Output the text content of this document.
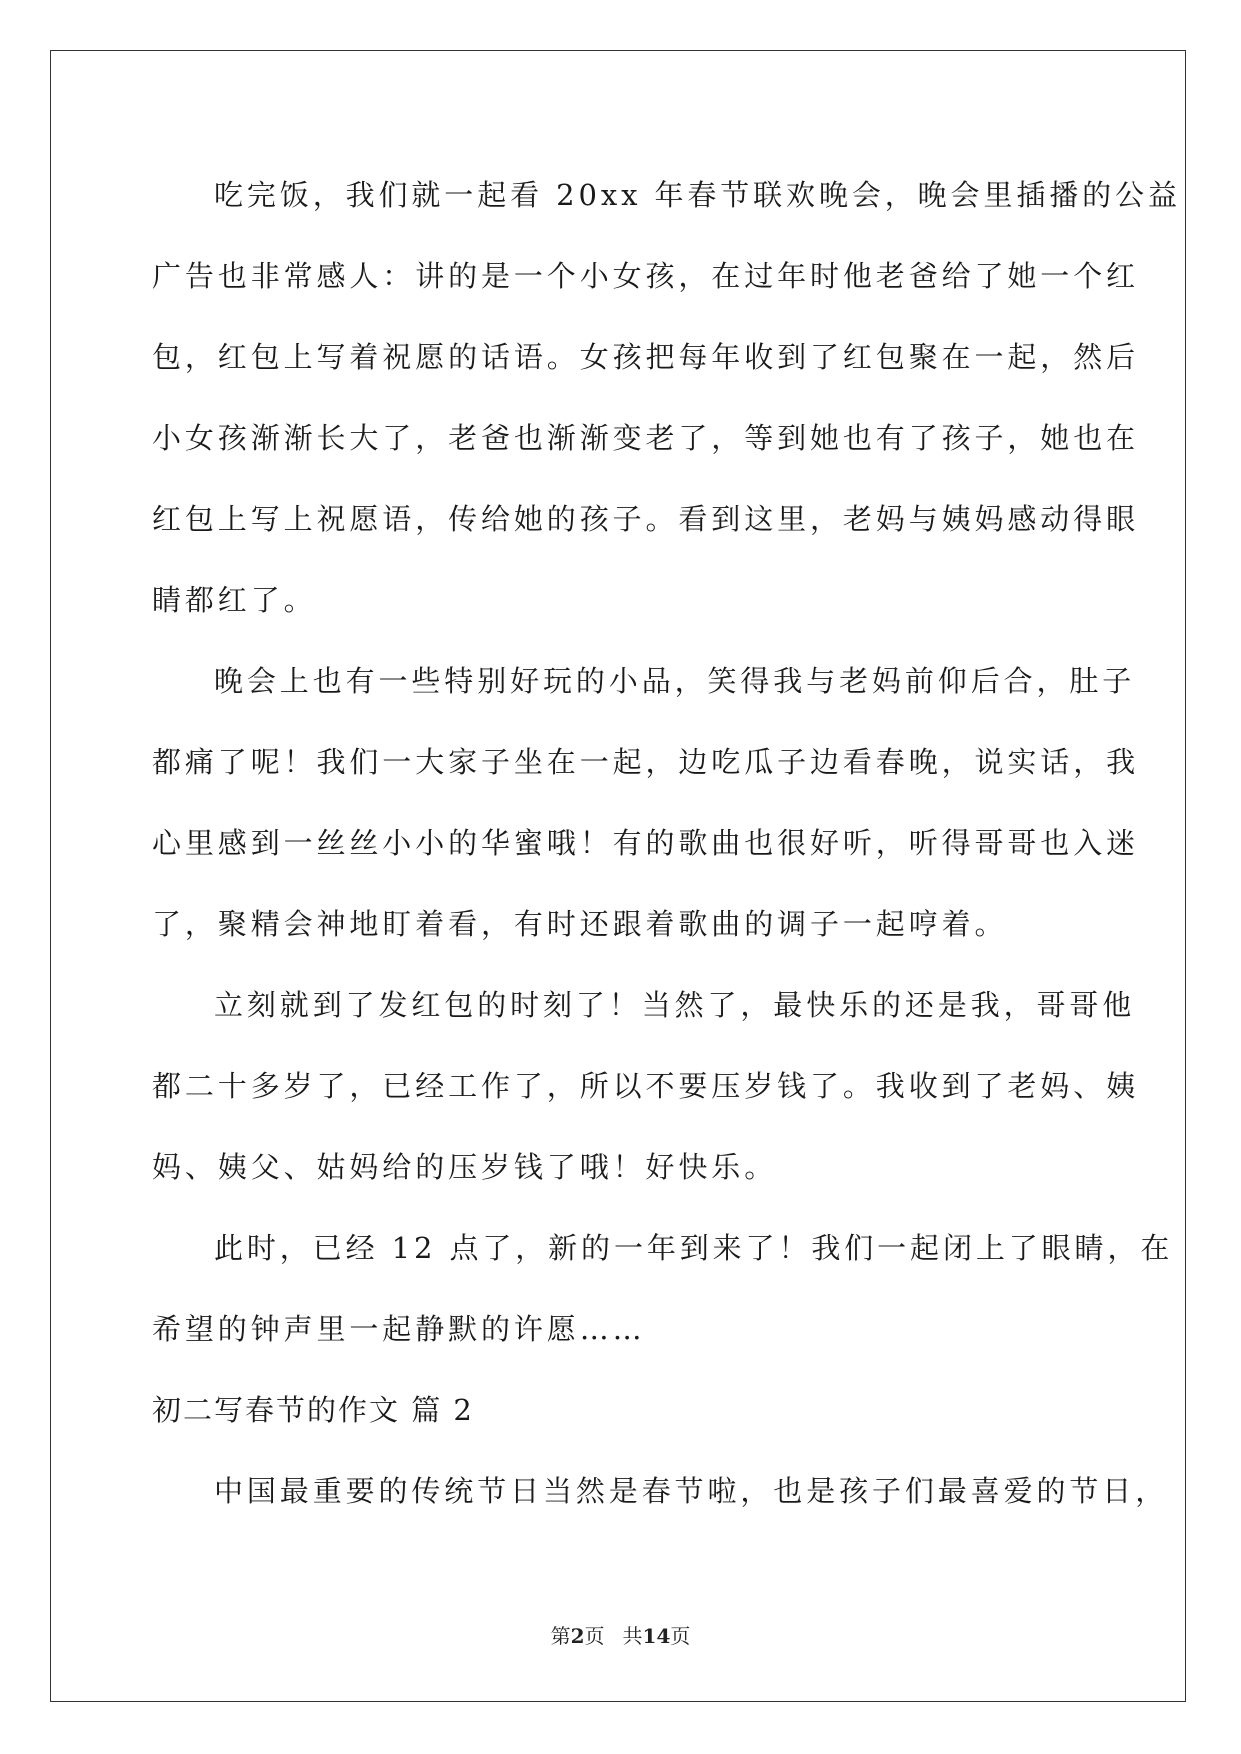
吃完饭，我们就一起看 20xx 年春节联欢晚会，晚会里插播的公益
广告也非常感人：讲的是一个小女孩，在过年时他老爸给了她一个红
包，红包上写着祝愿的话语。女孩把每年收到了红包聚在一起，然后
小女孩渐渐长大了，老爸也渐渐变老了，等到她也有了孩子，她也在
红包上写上祝愿语，传给她的孩子。看到这里，老妈与姨妈感动得眼
睛都红了。
晚会上也有一些特别好玩的小品，笑得我与老妈前仰后合，肚子
都痛了呢！我们一大家子坐在一起，边吃瓜子边看春晚，说实话，我
心里感到一丝丝小小的华蜜哦！有的歌曲也很好听，听得哥哥也入迷
了，聚精会神地盯着看，有时还跟着歌曲的调子一起哼着。
立刻就到了发红包的时刻了！当然了，最快乐的还是我，哥哥他
都二十多岁了，已经工作了，所以不要压岁钱了。我收到了老妈、姨
妈、姨父、姑妈给的压岁钱了哦！好快乐。
此时，已经 12 点了，新的一年到来了！我们一起闭上了眼睛，在
希望的钟声里一起静默的许愿……
初二写春节的作文 篇 2
中国最重要的传统节日当然是春节啦，也是孩子们最喜爱的节日，
第2页 共14页
